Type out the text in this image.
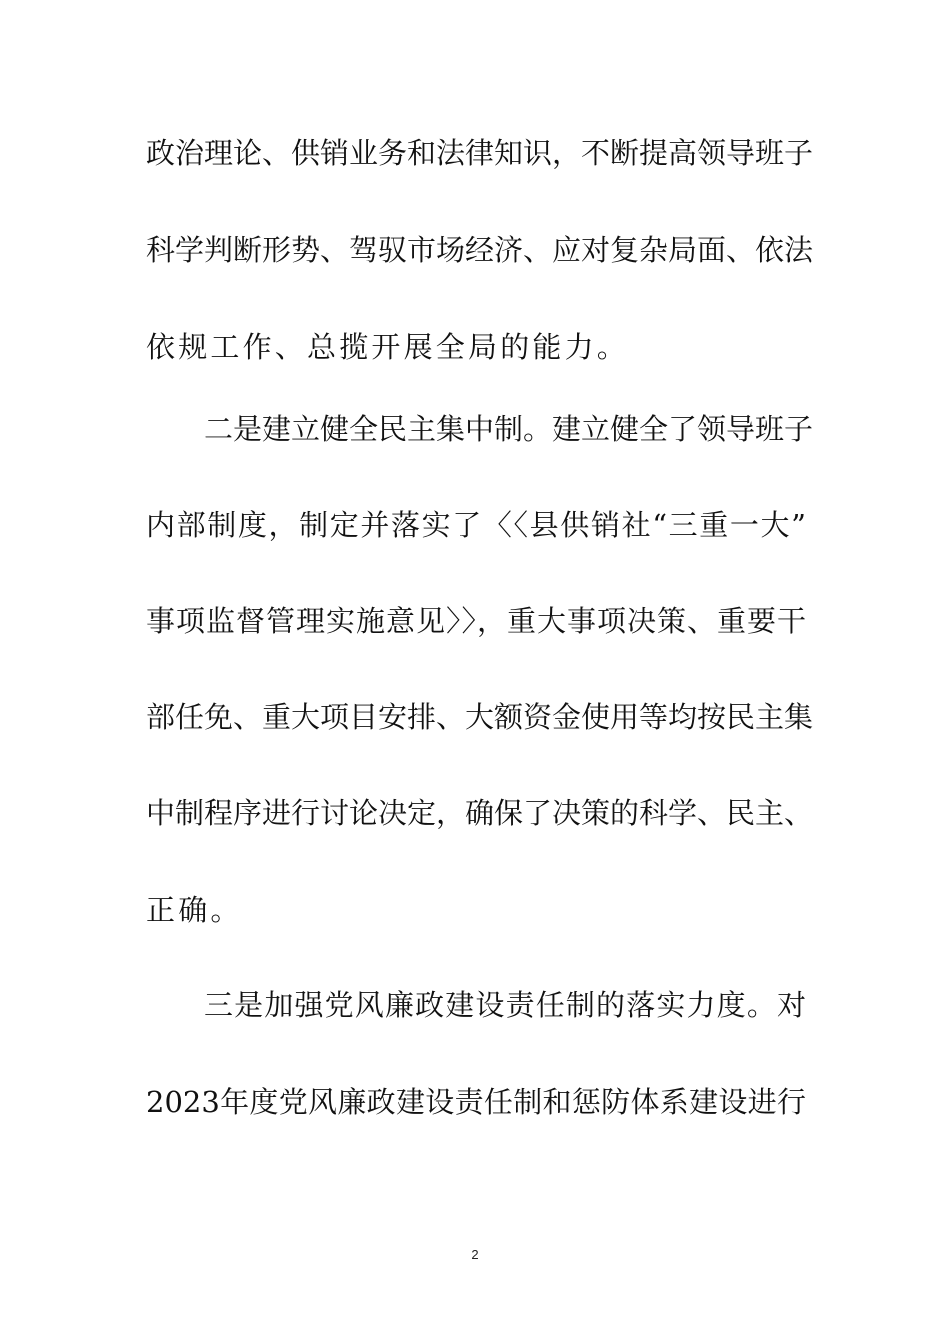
政治理论、供销业务和法律知识，不断提高领导班子
科学判断形势、驾驭市场经济、应对复杂局面、依法
依规工作、总揽开展全局的能力。
二是建立健全民主集中制。建立健全了领导班子
内部制度，制定并落实了〈〈县供销社“三重一大”
事项监督管理实施意见〉〉，重大事项决策、重要干
部任免、重大项目安排、大额资金使用等均按民主集
中制程序进行讨论决定，确保了决策的科学、民主、
正确。
三是加强党风廉政建设责任制的落实力度。对
2023年度党风廉政建设责任制和惩防体系建设进行
2
